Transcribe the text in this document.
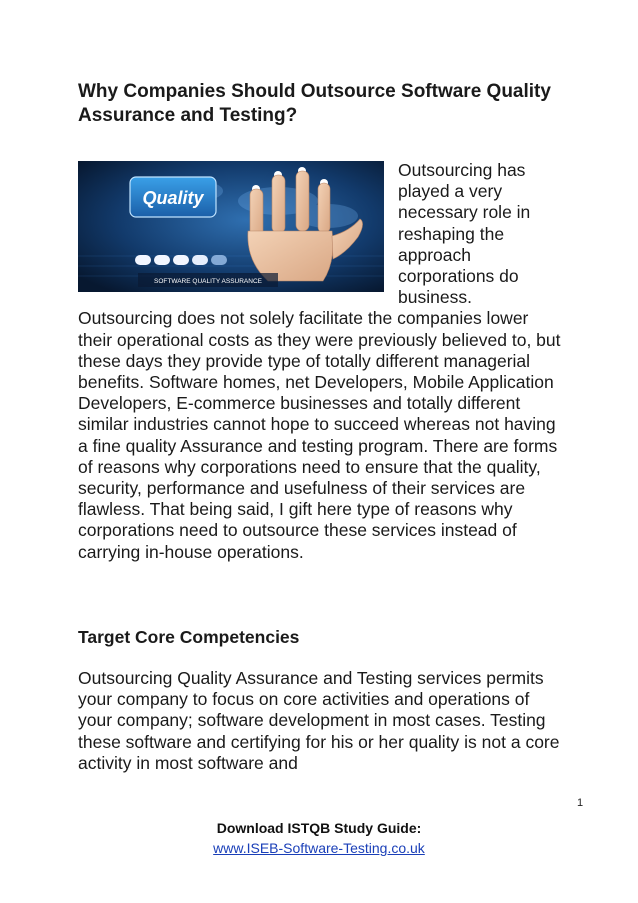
Why Companies Should Outsource Software Quality Assurance and Testing?
Quality
SOFTWARE QUALITY ASSURANCE

Outsourcing has played a very necessary role in reshaping the approach corporations do business. Outsourcing does not solely facilitate the companies lower their operational costs as they were previously believed to, but these days they provide type of totally different managerial benefits. Software homes, net Developers, Mobile Application Developers, E-commerce businesses and totally different similar industries cannot hope to succeed whereas not having a fine quality Assurance and testing program. There are forms of reasons why corporations need to ensure that the quality, security, performance and usefulness of their services are flawless. That being said, I gift here type of reasons why corporations need to outsource these services instead of carrying in-house operations.

Target Core Competencies

Outsourcing Quality Assurance and Testing services permits your company to focus on core activities and operations of your company; software development in most cases. Testing these software and certifying for his or her quality is not a core activity in most software and

1
Download ISTQB Study Guide:
www.ISEB-Software-Testing.co.uk
